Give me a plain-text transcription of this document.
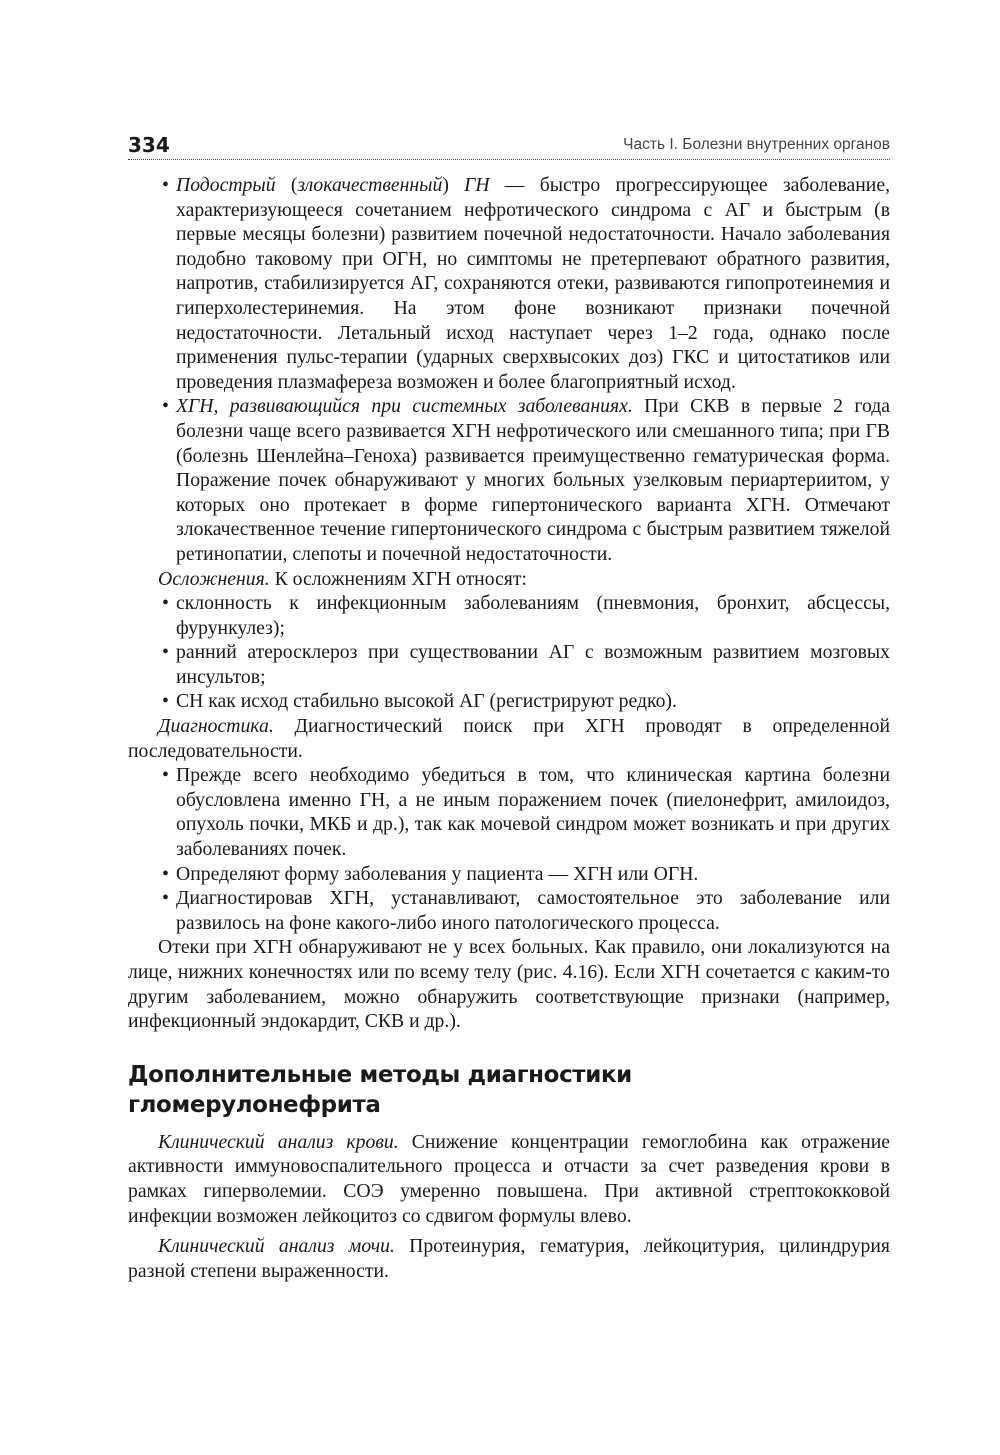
334	Часть I. Болезни внутренних органов
• Подострый (злокачественный) ГН — быстро прогрессирующее заболевание, характеризующееся сочетанием нефротического синдрома с АГ и быстрым (в первые месяцы болезни) развитием почечной недостаточности. Начало заболевания подобно таковому при ОГН, но симптомы не претерпевают обратного развития, напротив, стабилизируется АГ, сохраняются отеки, развиваются гипопротеинемия и гиперхолестеринемия. На этом фоне возникают признаки почечной недостаточности. Летальный исход наступает через 1–2 года, однако после применения пульс-терапии (ударных сверхвысоких доз) ГКС и цитостатиков или проведения плазмафереза возможен и более благоприятный исход.
• ХГН, развивающийся при системных заболеваниях. При СКВ в первые 2 года болезни чаще всего развивается ХГН нефротического или смешанного типа; при ГВ (болезнь Шенлейна–Геноха) развивается преимущественно гематурическая форма. Поражение почек обнаруживают у многих больных узелковым периартериитом, у которых оно протекает в форме гипертонического варианта ХГН. Отмечают злокачественное течение гипертонического синдрома с быстрым развитием тяжелой ретинопатии, слепоты и почечной недостаточности.

Осложнения. К осложнениям ХГН относят:

• склонность к инфекционным заболеваниям (пневмония, бронхит, абсцессы, фурункулез);
• ранний атеросклероз при существовании АГ с возможным развитием мозговых инсультов;
• СН как исход стабильно высокой АГ (регистрируют редко).

Диагностика. Диагностический поиск при ХГН проводят в определенной последовательности.

• Прежде всего необходимо убедиться в том, что клиническая картина болезни обусловлена именно ГН, а не иным поражением почек (пиелонефрит, амилоидоз, опухоль почки, МКБ и др.), так как мочевой синдром может возникать и при других заболеваниях почек.
• Определяют форму заболевания у пациента — ХГН или ОГН.
• Диагностировав ХГН, устанавливают, самостоятельное это заболевание или развилось на фоне какого-либо иного патологического процесса.

Отеки при ХГН обнаруживают не у всех больных. Как правило, они локализуются на лице, нижних конечностях или по всему телу (рис. 4.16). Если ХГН сочетается с каким-то другим заболеванием, можно обнаружить соответствующие признаки (например, инфекционный эндокардит, СКВ и др.).

Дополнительные методы диагностики гломерулонефрита

Клинический анализ крови. Снижение концентрации гемоглобина как отражение активности иммуновоспалительного процесса и отчасти за счет разведения крови в рамках гиперволемии. СОЭ умеренно повышена. При активной стрептококковой инфекции возможен лейкоцитоз со сдвигом формулы влево.

Клинический анализ мочи. Протеинурия, гематурия, лейкоцитурия, цилиндрурия разной степени выраженности.
